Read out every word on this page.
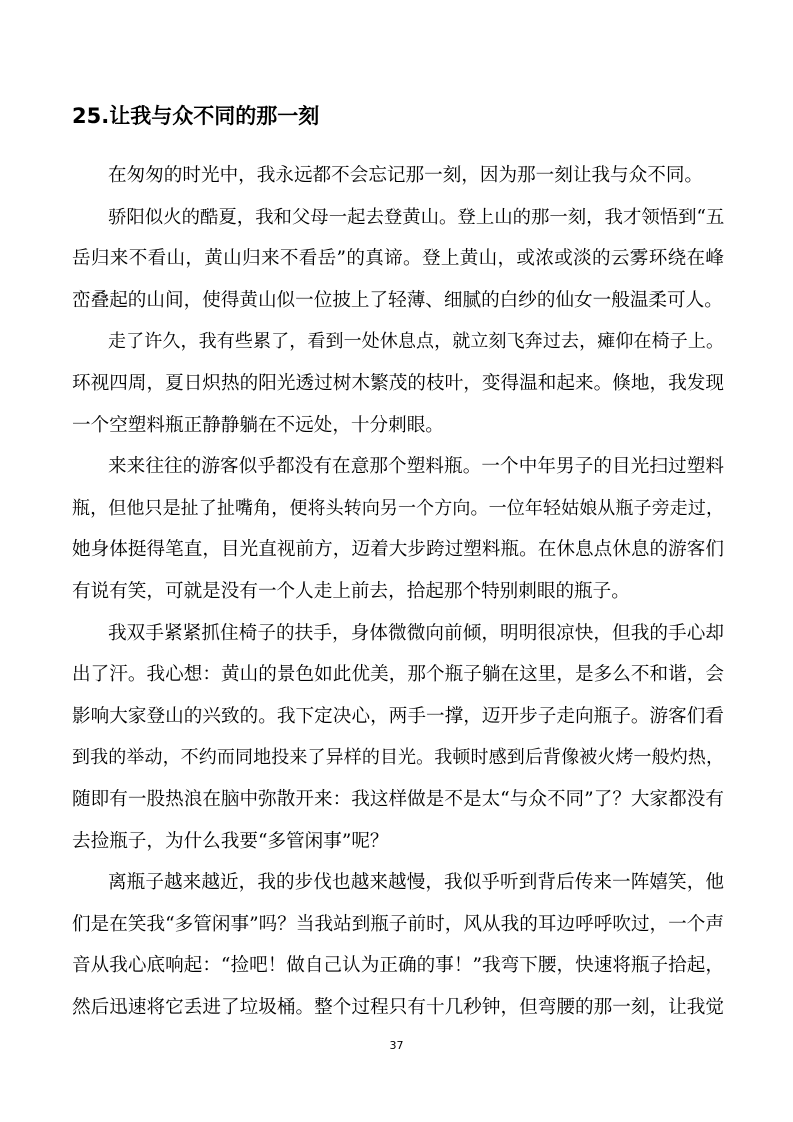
25.让我与众不同的那一刻
在匆匆的时光中，我永远都不会忘记那一刻，因为那一刻让我与众不同。
骄阳似火的酷夏，我和父母一起去登黄山。登上山的那一刻，我才领悟到“五
岳归来不看山，黄山归来不看岳”的真谛。登上黄山，或浓或淡的云雾环绕在峰
峦叠起的山间，使得黄山似一位披上了轻薄、细腻的白纱的仙女一般温柔可人。
走了许久，我有些累了，看到一处休息点，就立刻飞奔过去，瘫仰在椅子上。
环视四周，夏日炽热的阳光透过树木繁茂的枝叶，变得温和起来。倏地，我发现
一个空塑料瓶正静静躺在不远处，十分刺眼。
来来往往的游客似乎都没有在意那个塑料瓶。一个中年男子的目光扫过塑料
瓶，但他只是扯了扯嘴角，便将头转向另一个方向。一位年轻姑娘从瓶子旁走过，
她身体挺得笔直，目光直视前方，迈着大步跨过塑料瓶。在休息点休息的游客们
有说有笑，可就是没有一个人走上前去，拾起那个特别刺眼的瓶子。
我双手紧紧抓住椅子的扶手，身体微微向前倾，明明很凉快，但我的手心却
出了汗。我心想：黄山的景色如此优美，那个瓶子躺在这里，是多么不和谐，会
影响大家登山的兴致的。我下定决心，两手一撑，迈开步子走向瓶子。游客们看
到我的举动，不约而同地投来了异样的目光。我顿时感到后背像被火烤一般灼热，
随即有一股热浪在脑中弥散开来：我这样做是不是太“与众不同”了？大家都没有
去捡瓶子，为什么我要“多管闲事”呢？
离瓶子越来越近，我的步伐也越来越慢，我似乎听到背后传来一阵嬉笑，他
们是在笑我“多管闲事”吗？当我站到瓶子前时，风从我的耳边呼呼吹过，一个声
音从我心底响起：“捡吧！做自己认为正确的事！”我弯下腰，快速将瓶子拾起，
然后迅速将它丢进了垃圾桶。整个过程只有十几秒钟，但弯腰的那一刻，让我觉
37
